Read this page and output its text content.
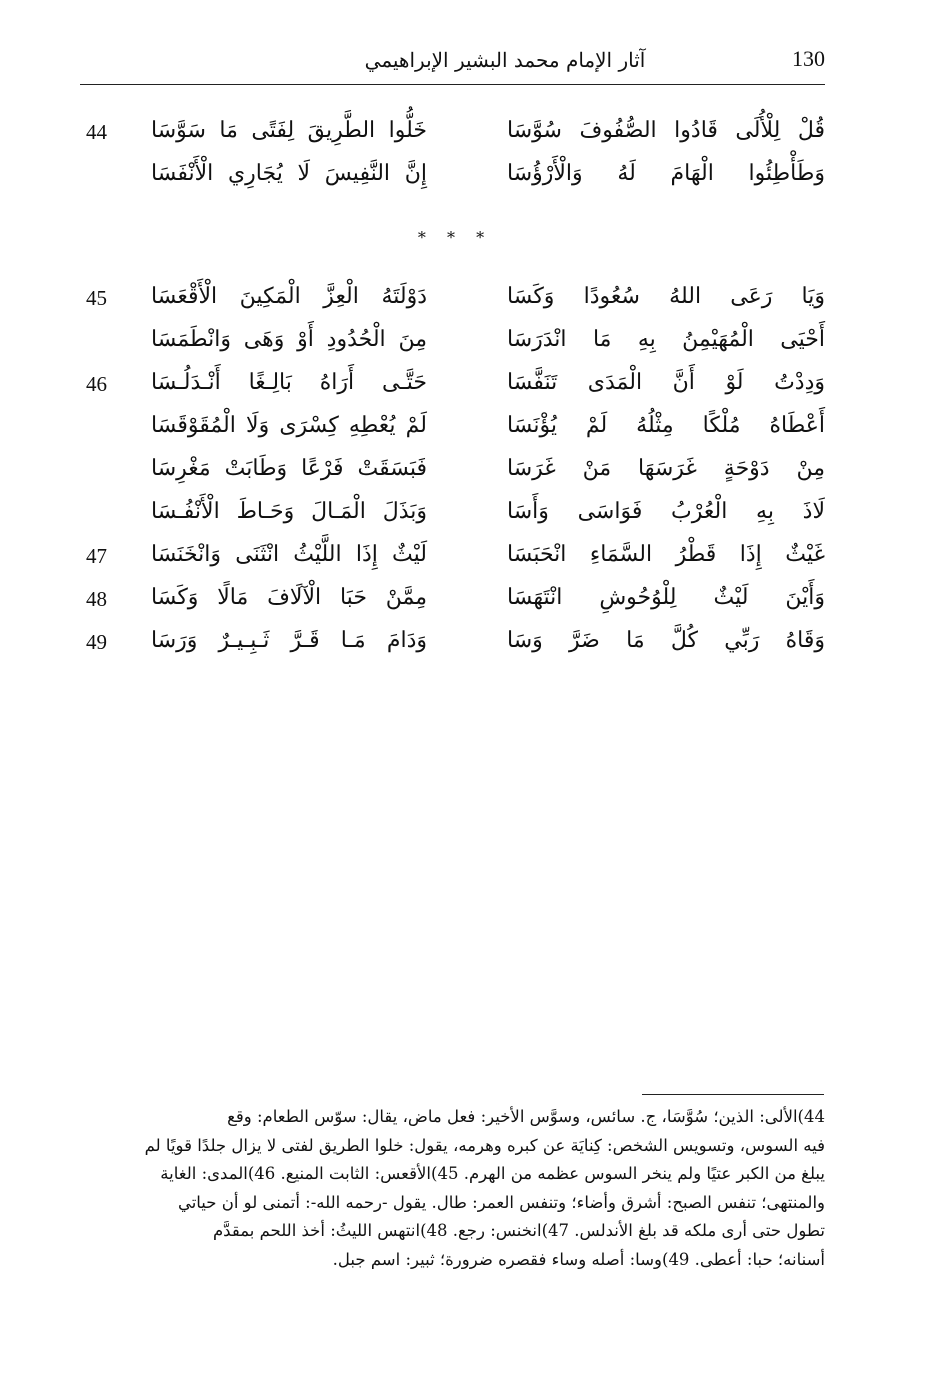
130
آثار الإمام محمد البشير الإبراهيمي
قُلْ لِلْأُلَى قَادُوا الصُّفُوفَ سُوَّسَا
خَلُّوا الطَّرِيقَ لِفَتًى مَا سَوَّسَا
44
وَطَأْطِئُوا الْهَامَ لَهُ وَالْأَرْؤُسَا
إِنَّ النَّفِيسَ لَا يُجَارِي الْأَنْفَسَا
* * *
وَيَا رَعَى اللهُ سُعُودًا وَكَسَا
دَوْلَتَهُ الْعِزَّ الْمَكِينَ الْأَقْعَسَا
45
أَحْيَى الْمُهَيْمِنُ بِهِ مَا انْدَرَسَا
مِنَ الْحُدُودِ أَوْ وَهَى وَانْطَمَسَا
وَدِدْتُ لَوْ أَنَّ الْمَدَى تَنَفَّسَا
حَتَّـى أَرَاهُ بَالِـغًا أَنْـدَلُـسَا
46
أَعْطَاهُ مُلْكًا مِثْلُهُ لَمْ يُؤْنَسَا
لَمْ يُعْطِهِ كِسْرَى وَلَا الْمُقَوْقَسَا
مِنْ دَوْحَةٍ غَرَسَهَا مَنْ غَرَسَا
فَبَسَقَتْ فَرْعًا وَطَابَتْ مَغْرِسَا
لَاذَ بِهِ الْعُرْبُ فَوَاسَى وَأَسَا
وَبَذَلَ الْمَـالَ وَحَـاطَ الْأَنْفُـسَا
غَيْثٌ إِذَا قَطْرُ السَّمَاءِ انْحَبَسَا
لَيْثٌ إِذَا اللَّيْثُ انْثَنَى وَانْخَنَسَا
47
وَأَيْنَ لَيْثٌ لِلْوُحُوشِ انْتَهَسَا
مِمَّنْ حَبَا الْآلَافَ مَالًا وَكَسَا
48
وَقَاهُ رَبِّي كُلَّ مَا ضَرَّ وَسَا
وَدَامَ مَـا قَـرَّ ثَـبِـيـرٌ وَرَسَا
49
44)الألى: الذين؛ سُوَّسَا، ج. سائس، وسوَّس الأخير: فعل ماض، يقال: سوّس الطعام: وقع
فيه السوس، وتسويس الشخص: كِنايَة عن كبره وهرمه، يقول: خلوا الطريق لفتى لا يزال جلدًا قويًا لم
يبلغ من الكبر عتيًا ولم ينخر السوس عظمه من الهرم. 45)الأقعس: الثابت المنيع. 46)المدى: الغاية
والمنتهى؛ تنفس الصبح: أشرق وأضاء؛ وتنفس العمر: طال. يقول -رحمه الله-: أتمنى لو أن حياتي
تطول حتى أرى ملكه قد بلغ الأندلس. 47)انخنس: رجع. 48)انتهس الليثُ: أخذ اللحم بمقدَّم
أسنانه؛ حبا: أعطى. 49)وسا: أصله وساء فقصره ضرورة؛ ثبير: اسم جبل.
